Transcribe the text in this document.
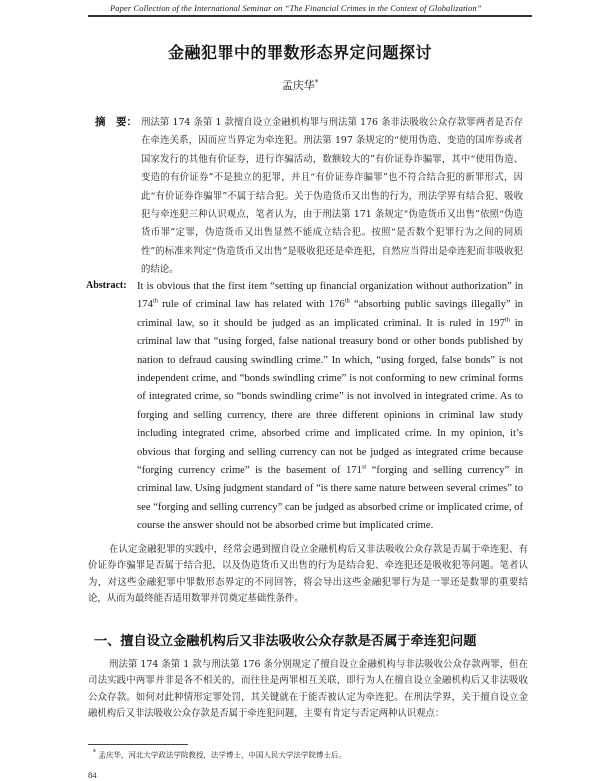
Paper Collection of the International Seminar on “The Financial Crimes in the Context of Globalization”
金融犯罪中的罪数形态界定问题探讨
孟庆华*
摘　要： 刑法第 174 条第 1 款擅自设立金融机构罪与刑法第 176 条非法吸收公众存款罪两者是否存在牵连关系，因而应当界定为牵连犯。刑法第 197 条规定的“使用伪造、变造的国库券或者国家发行的其他有价证券，进行诈骗活动，数额较大的”有价证券诈骗罪，其中“使用伪造、变造的有价证券”不是独立的犯罪，并且“有价证券诈骗罪”也不符合结合犯的新罪形式，因此“有价证券诈骗罪”不属于结合犯。关于伪造货币又出售的行为，刑法学界有结合犯、吸收犯与牵连犯三种认识观点，笔者认为，由于刑法第 171 条规定“伪造货币又出售”依照“伪造货币罪”定罪，伪造货币又出售显然不能成立结合犯。按照“是否数个犯罪行为之间的同质性”的标准来判定“伪造货币又出售”是吸收犯还是牵连犯，自然应当得出是牵连犯而非吸收犯的结论。
Abstract: It is obvious that the first item “setting up financial organization without authorization” in 174th rule of criminal law has related with 176th “absorbing public savings illegally” in criminal law, so it should be judged as an implicated criminal. It is ruled in 197th in criminal law that “using forged, false national treasury bond or other bonds published by nation to defraud causing swindling crime.” In which, “using forged, false bonds” is not independent crime, and “bonds swindling crime” is not conforming to new criminal forms of integrated crime, so “bonds swindling crime” is not involved in integrated crime. As to forging and selling currency, there are three different opinions in criminal law study including integrated crime, absorbed crime and implicated crime. In my opinion, it’s obvious that forging and selling currency can not be judged as integrated crime because “forging currency crime” is the basement of 171st “forging and selling currency” in criminal law. Using judgment standard of “is there same nature between several crimes” to see “forging and selling currency” can be judged as absorbed crime or implicated crime, of course the answer should not be absorbed crime but implicated crime.
在认定金融犯罪的实践中，经常会遇到擅自设立金融机构后又非法吸收公众存款是否属于牵连犯、有价证券诈骗罪是否属于结合犯，以及伪造货币又出售的行为是结合犯、牵连犯还是吸收犯等问题。笔者认为，对这些金融犯罪中罪数形态界定的不同回答，将会导出这些金融犯罪行为是一罪还是数罪的重要结论，从而为最终能否适用数罪并罚奠定基础性条件。
一、擅自设立金融机构后又非法吸收公众存款是否属于牵连犯问题
刑法第 174 条第 1 款与刑法第 176 条分别规定了擅自设立金融机构与非法吸收公众存款两罪，但在司法实践中两罪并非是各不相关的，而往往是两罪相互关联，即行为人在擅自设立金融机构后又非法吸收公众存款。如何对此种情形定罪处罚，其关键就在于能否被认定为牵连犯。在刑法学界，关于擅自设立金融机构后又非法吸收公众存款是否属于牵连犯问题，主要有肯定与否定两种认识观点：
* 孟庆华，河北大学政法学院教授，法学博士，中国人民大学法学院博士后。
84
